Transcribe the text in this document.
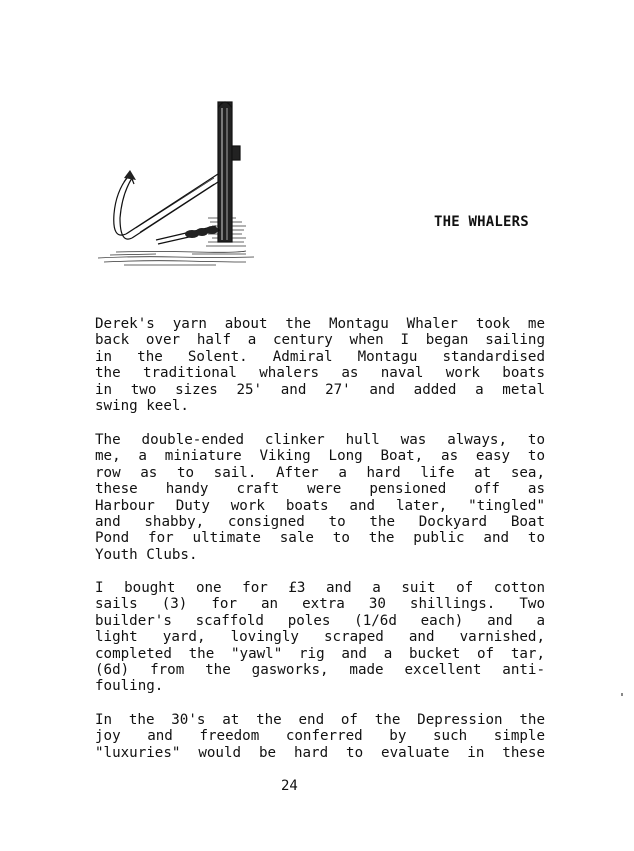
THE WHALERS
Derek's yarn about the Montagu Whaler took me
back over half a century when I began sailing
in the Solent. Admiral Montagu standardised
the traditional whalers as naval work boats
in two sizes 25' and 27' and added a metal
swing keel.
The double-ended clinker hull was always, to
me, a miniature Viking Long Boat, as easy to
row as to sail. After a hard life at sea,
these handy craft were pensioned off as
Harbour Duty work boats and later, "tingled"
and shabby, consigned to the Dockyard Boat
Pond for ultimate sale to the public and to
Youth Clubs.
I bought one for £3 and a suit of cotton
sails (3) for an extra 30 shillings. Two
builder's scaffold poles (1/6d each) and a
light yard, lovingly scraped and varnished,
completed the "yawl" rig and a bucket of tar,
(6d) from the gasworks, made excellent anti-
fouling.
In the 30's at the end of the Depression the
joy and freedom conferred by such simple
"luxuries" would be hard to evaluate in these
24
